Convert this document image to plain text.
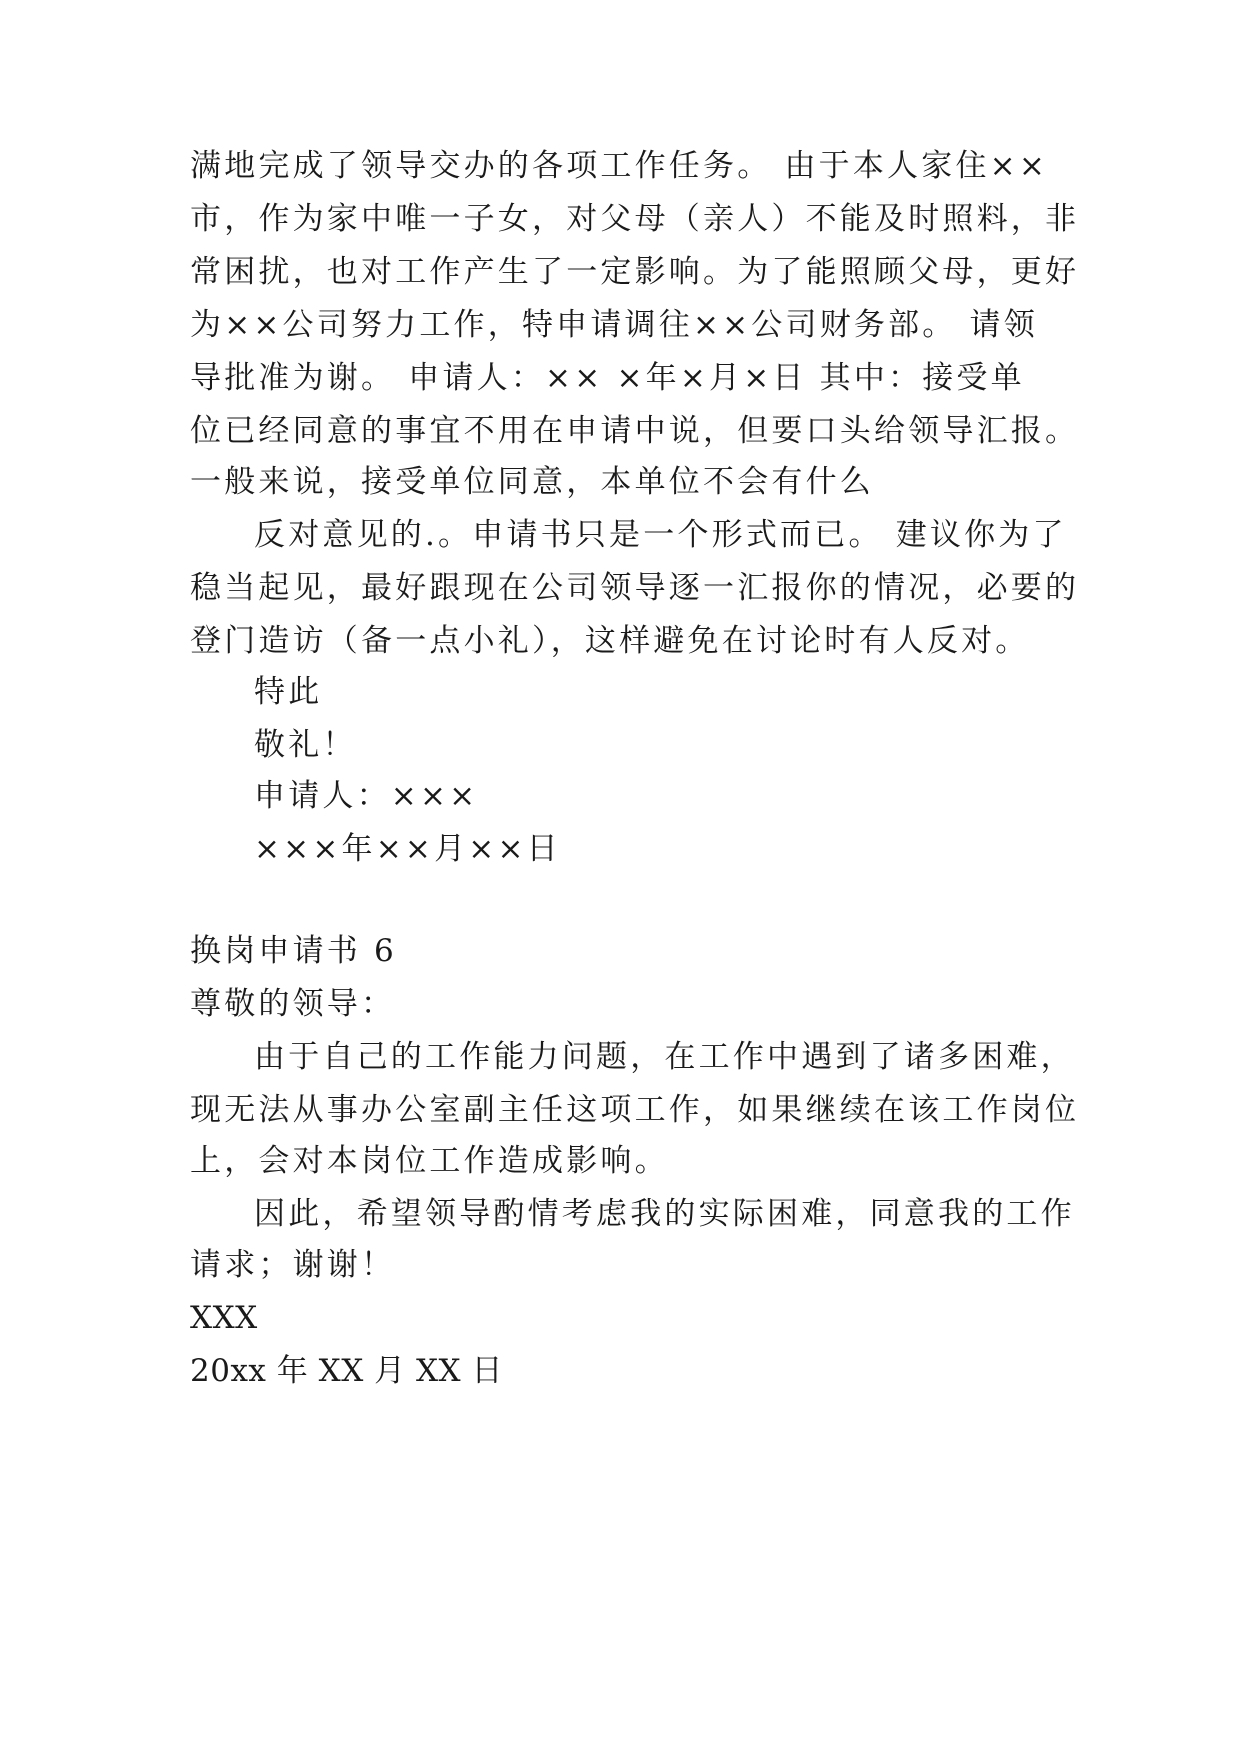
满地完成了领导交办的各项工作任务。 由于本人家住××
市，作为家中唯一子女，对父母（亲人）不能及时照料，非
常困扰，也对工作产生了一定影响。为了能照顾父母，更好
为××公司努力工作，特申请调往××公司财务部。 请领
导批准为谢。 申请人：×× ×年×月×日 其中：接受单
位已经同意的事宜不用在申请中说，但要口头给领导汇报。
一般来说，接受单位同意，本单位不会有什么
反对意见的.。申请书只是一个形式而已。 建议你为了
稳当起见，最好跟现在公司领导逐一汇报你的情况，必要的
登门造访（备一点小礼），这样避免在讨论时有人反对。
特此
敬礼！
申请人：×××
×××年××月××日
换岗申请书 6
尊敬的领导：
由于自己的工作能力问题，在工作中遇到了诸多困难，
现无法从事办公室副主任这项工作，如果继续在该工作岗位
上，会对本岗位工作造成影响。
因此，希望领导酌情考虑我的实际困难，同意我的工作
请求；谢谢！
XXX
20xx 年 XX 月 XX 日
